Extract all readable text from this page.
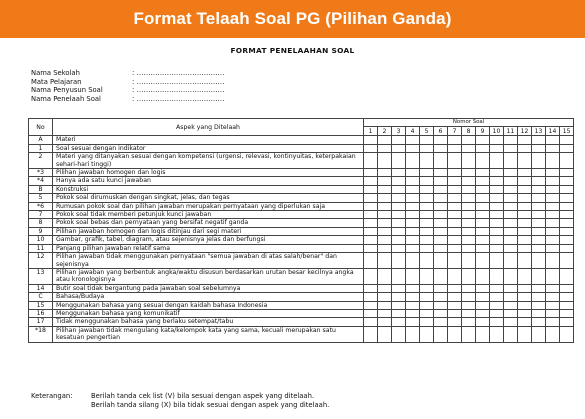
Format Telaah Soal PG (Pilihan Ganda)
FORMAT PENELAAHAN SOAL
Nama Sekolah	: ......................................
Mata Pelajaran	: ......................................
Nama Penyusun Soal	: ......................................
Nama Penelaah Soal	: ......................................
No	Aspek yang Ditelaah	Nomor Soal														
		1	2	3	4	5	6	7	8	9	10	11	12	13	14	15
A	Materi															
1	Soal sesuai dengan indikator															
2	Materi yang ditanyakan sesuai dengan kompetensi (urgensi, relevasi, kontinyuitas, keterpakaian sehari-hari tinggi)															
*3	Pilihan jawaban homogen dan logis															
*4	Hanya ada satu kunci jawaban															
B	Konstruksi															
5	Pokok soal dirumuskan dengan singkat, jelas, dan tegas															
*6	Rumusan pokok soal dan pilihan jawaban merupakan pernyataan yang diperlukan saja															
7	Pokok soal tidak memberi petunjuk kunci jawaban															
8	Pokok soal bebas dan pernyataan yang bersifat negatif ganda															
9	Pilihan jawaban homogen dan logis ditinjau dari segi materi															
10	Gambar, grafik, tabel, diagram, atau sejenisnya jelas dan berfungsi															
11	Panjang pilihan jawaban relatif sama															
12	Pilihan jawaban tidak menggunakan pernyataan "semua jawaban di atas salah/benar" dan sejenisnya															
13	Pilihan jawaban yang berbentuk angka/waktu disusun berdasarkan urutan besar kecilnya angka atau kronologisnya															
14	Butir soal tidak bergantung pada jawaban soal sebelumnya															
C	Bahasa/Budaya															
15	Menggunakan bahasa yang sesuai dengan kaidah bahasa Indonesia															
16	Menggunakan bahasa yang komunikatif															
17	Tidak menggunakan bahasa yang berlaku setempat/tabu															
*18	Pilihan jawaban tidak mengulang kata/kelompok kata yang sama, kecuali merupakan satu kesatuan pengertian															
Keterangan:	Berilah tanda cek list (V) bila sesuai dengan aspek yang ditelaah.
Berilah tanda silang (X) bila tidak sesuai dengan aspek yang ditelaah.
